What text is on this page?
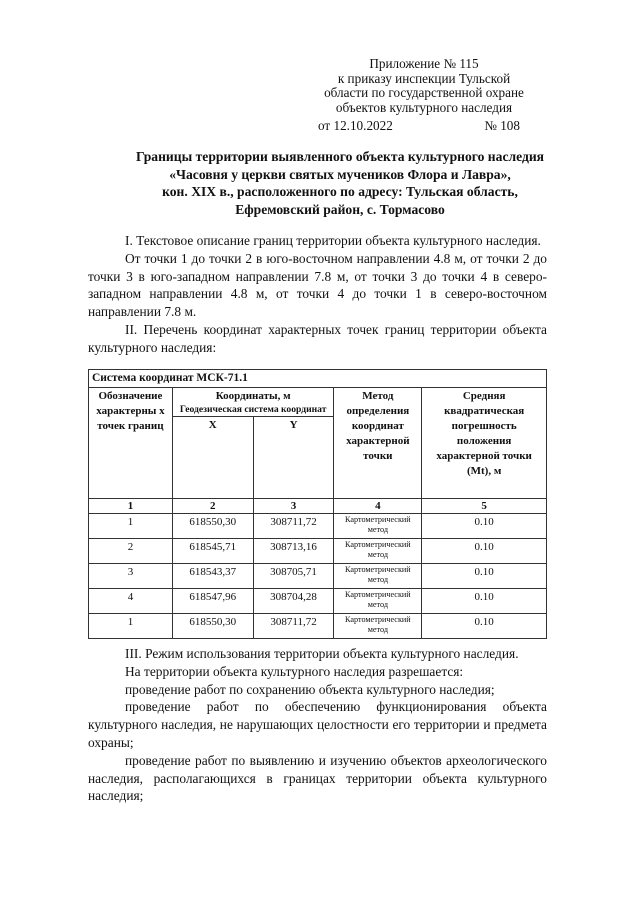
Приложение № 115
к приказу инспекции Тульской
области по государственной охране
объектов культурного наследия
от 12.10.2022	№ 108
Границы территории выявленного объекта культурного наследия
«Часовня у церкви святых мучеников Флора и Лавра»,
кон. XIX в., расположенного по адресу: Тульская область,
Ефремовский район, с. Тормасово

I. Текстовое описание границ территории объекта культурного наследия.

От точки 1 до точки 2 в юго-восточном направлении 4.8 м, от точки 2 до точки 3 в юго-западном направлении 7.8 м, от точки 3 до точки 4 в северо-западном направлении 4.8 м, от точки 4 до точки 1 в северо-восточном направлении 7.8 м.

II. Перечень координат характерных точек границ территории объекта культурного наследия:

Система координат МСК-71.1				
Обозначение характерны х точек границ	Координаты, м
Геодезическая система координат		Метод определения координат характерной точки	Средняя квадратическая погрешность положения характерной точки (Mt), м
	X	Y		

1	2	3	4	5
1	618550,30	308711,72	Картометрический метод	0.10
2	618545,71	308713,16	Картометрический метод	0.10
3	618543,37	308705,71	Картометрический метод	0.10
4	618547,96	308704,28	Картометрический метод	0.10
1	618550,30	308711,72	Картометрический метод	0.10

III. Режим использования территории объекта культурного наследия.

На территории объекта культурного наследия разрешается:

проведение работ по сохранению объекта культурного наследия;

проведение работ по обеспечению функционирования объекта культурного наследия, не нарушающих целостности его территории и предмета охраны;

проведение работ по выявлению и изучению объектов археологического наследия, располагающихся в границах территории объекта культурного наследия;
